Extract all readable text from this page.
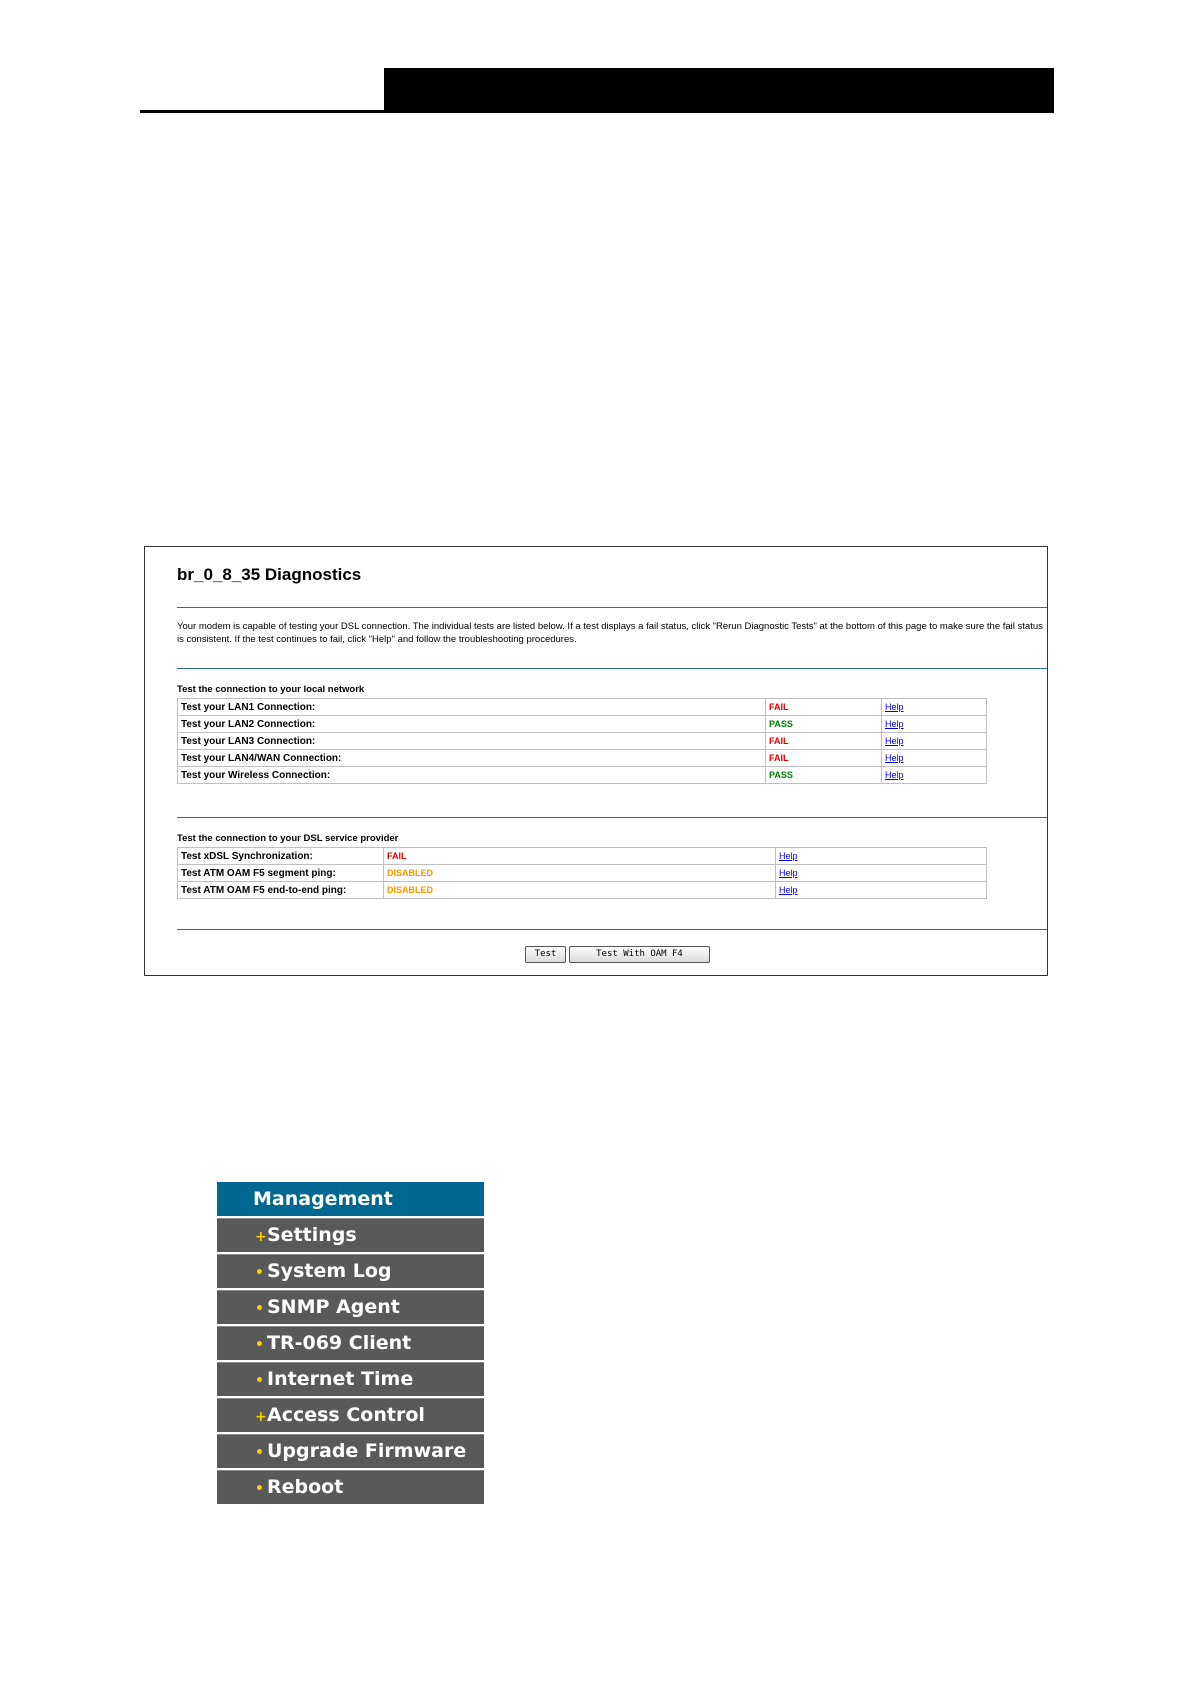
br_0_8_35 Diagnostics
Your modem is capable of testing your DSL connection. The individual tests are listed below. If a test displays a fail status, click "Rerun Diagnostic Tests" at the bottom of this page to make sure the fail status is consistent. If the test continues to fail, click "Help" and follow the troubleshooting procedures.
Test the connection to your local network
Test your LAN1 Connection:	FAIL	Help
Test your LAN2 Connection:	PASS	Help
Test your LAN3 Connection:	FAIL	Help
Test your LAN4/WAN Connection:	FAIL	Help
Test your Wireless Connection:	PASS	Help
Test the connection to your DSL service provider
Test xDSL Synchronization:	FAIL	Help
Test ATM OAM F5 segment ping:	DISABLED	Help
Test ATM OAM F5 end-to-end ping:	DISABLED	Help
Test	Test With OAM F4
Management
+Settings
• System Log
• SNMP Agent
• TR-069 Client
• Internet Time
+Access Control
• Upgrade Firmware
• Reboot
